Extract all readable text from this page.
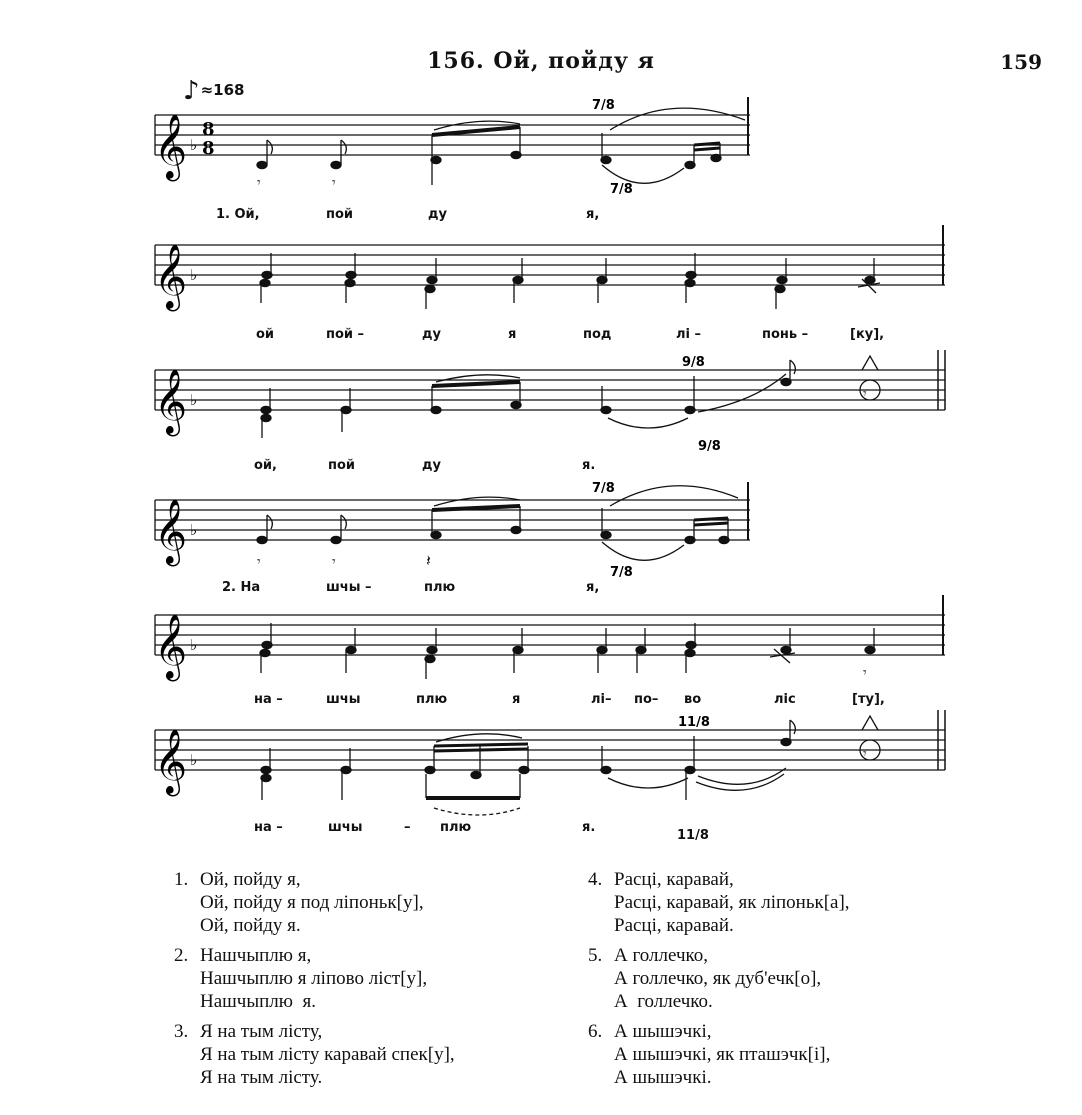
156. Ой, пойду я	159
♪≈168
𝄞 ♭
8
8
𝄾	𝄾
7/8
7/8
1. Ой,	пой	ду	я,
𝄞 ♭
ой	пой –	ду	я	под	лі –	понь –	[ку],
𝄞 ♭	𝄾
9/8
9/8
ой,	пой	ду	я.
𝄞 ♭
𝄾	𝄾	𝄽
7/8
7/8
2. На	шчы –	плю	я,
𝄞 ♭
𝄾
на –	шчы	плю	я	лі– по– во	ліс	[ту],
𝄞 ♭	𝄾
11/8
на –	шчы	– плю	я.
11/8
1. Ой, пойду я,
Ой, пойду я под ліпоньк[у],
Ой, пойду я.
2. Нашчыплю я,
Нашчыплю я ліпово ліст[у],
Нашчыплю  я.
3. Я на тым лісту,
Я на тым лісту каравай спек[у],
Я на тым лісту.
4. Расці, каравай,
Расці, каравай, як ліпоньк[а],
Расці, каравай.
5. А голлечко,
А голлечко, як дуб'ечк[о],
А  голлечко.
6. А шышэчкі,
А шышэчкі, як пташэчк[і],
А шышэчкі.
